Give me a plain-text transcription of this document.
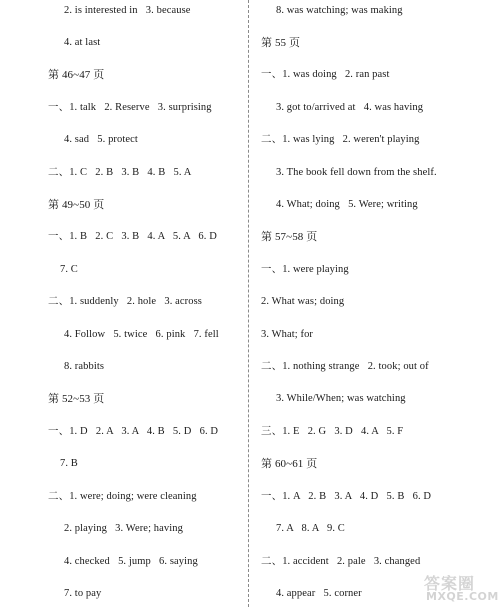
2. is interested in   3. because
4. at last
第 46~47 页
一、1. talk   2. Reserve   3. surprising
4. sad   5. protect
二、1. C   2. B   3. B   4. B   5. A
第 49~50 页
一、1. B   2. C   3. B   4. A   5. A   6. D
7. C
二、1. suddenly   2. hole   3. across
4. Follow   5. twice   6. pink   7. fell
8. rabbits
第 52~53 页
一、1. D   2. A   3. A   4. B   5. D   6. D
7. B
二、1. were; doing; were cleaning
2. playing   3. Were; having
4. checked   5. jump   6. saying
7. to pay
8. was watching; was making
第 55 页
一、1. was doing   2. ran past
3. got to/arrived at   4. was having
二、1. was lying   2. weren't playing
3. The book fell down from the shelf.
4. What; doing   5. Were; writing
第 57~58 页
一、1. were playing
2. What was; doing
3. What; for
二、1. nothing strange   2. took; out of
3. While/When; was watching
三、1. E   2. G   3. D   4. A   5. F
第 60~61 页
一、1. A   2. B   3. A   4. D   5. B   6. D
7. A   8. A   9. C
二、1. accident   2. pale   3. changed
4. appear   5. corner
答案圈
MXQE.COM
